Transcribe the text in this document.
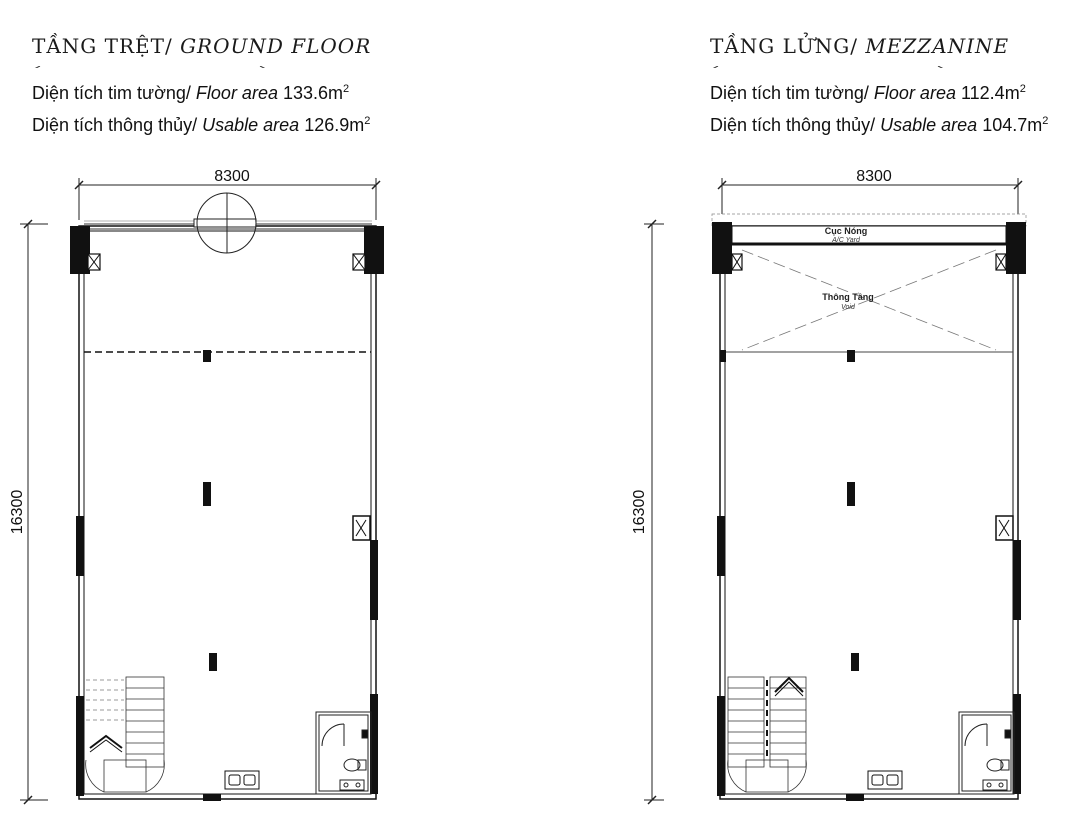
TẦNG TRỆT/ GROUND FLOOR
Diện tích tim tường/ Floor area $133.6m^2$
Diện tích thông thủy/ Usable area $126.9m^2$
8300
16300
TẦNG LỬNG/ MEZZANINE
Diện tích tim tường/ Floor area $112.4m^2$
Diện tích thông thủy/ Usable area $104.7m^2$
8300
16300
Cục Nóng
A/C Yard
Thông Tầng
Void
